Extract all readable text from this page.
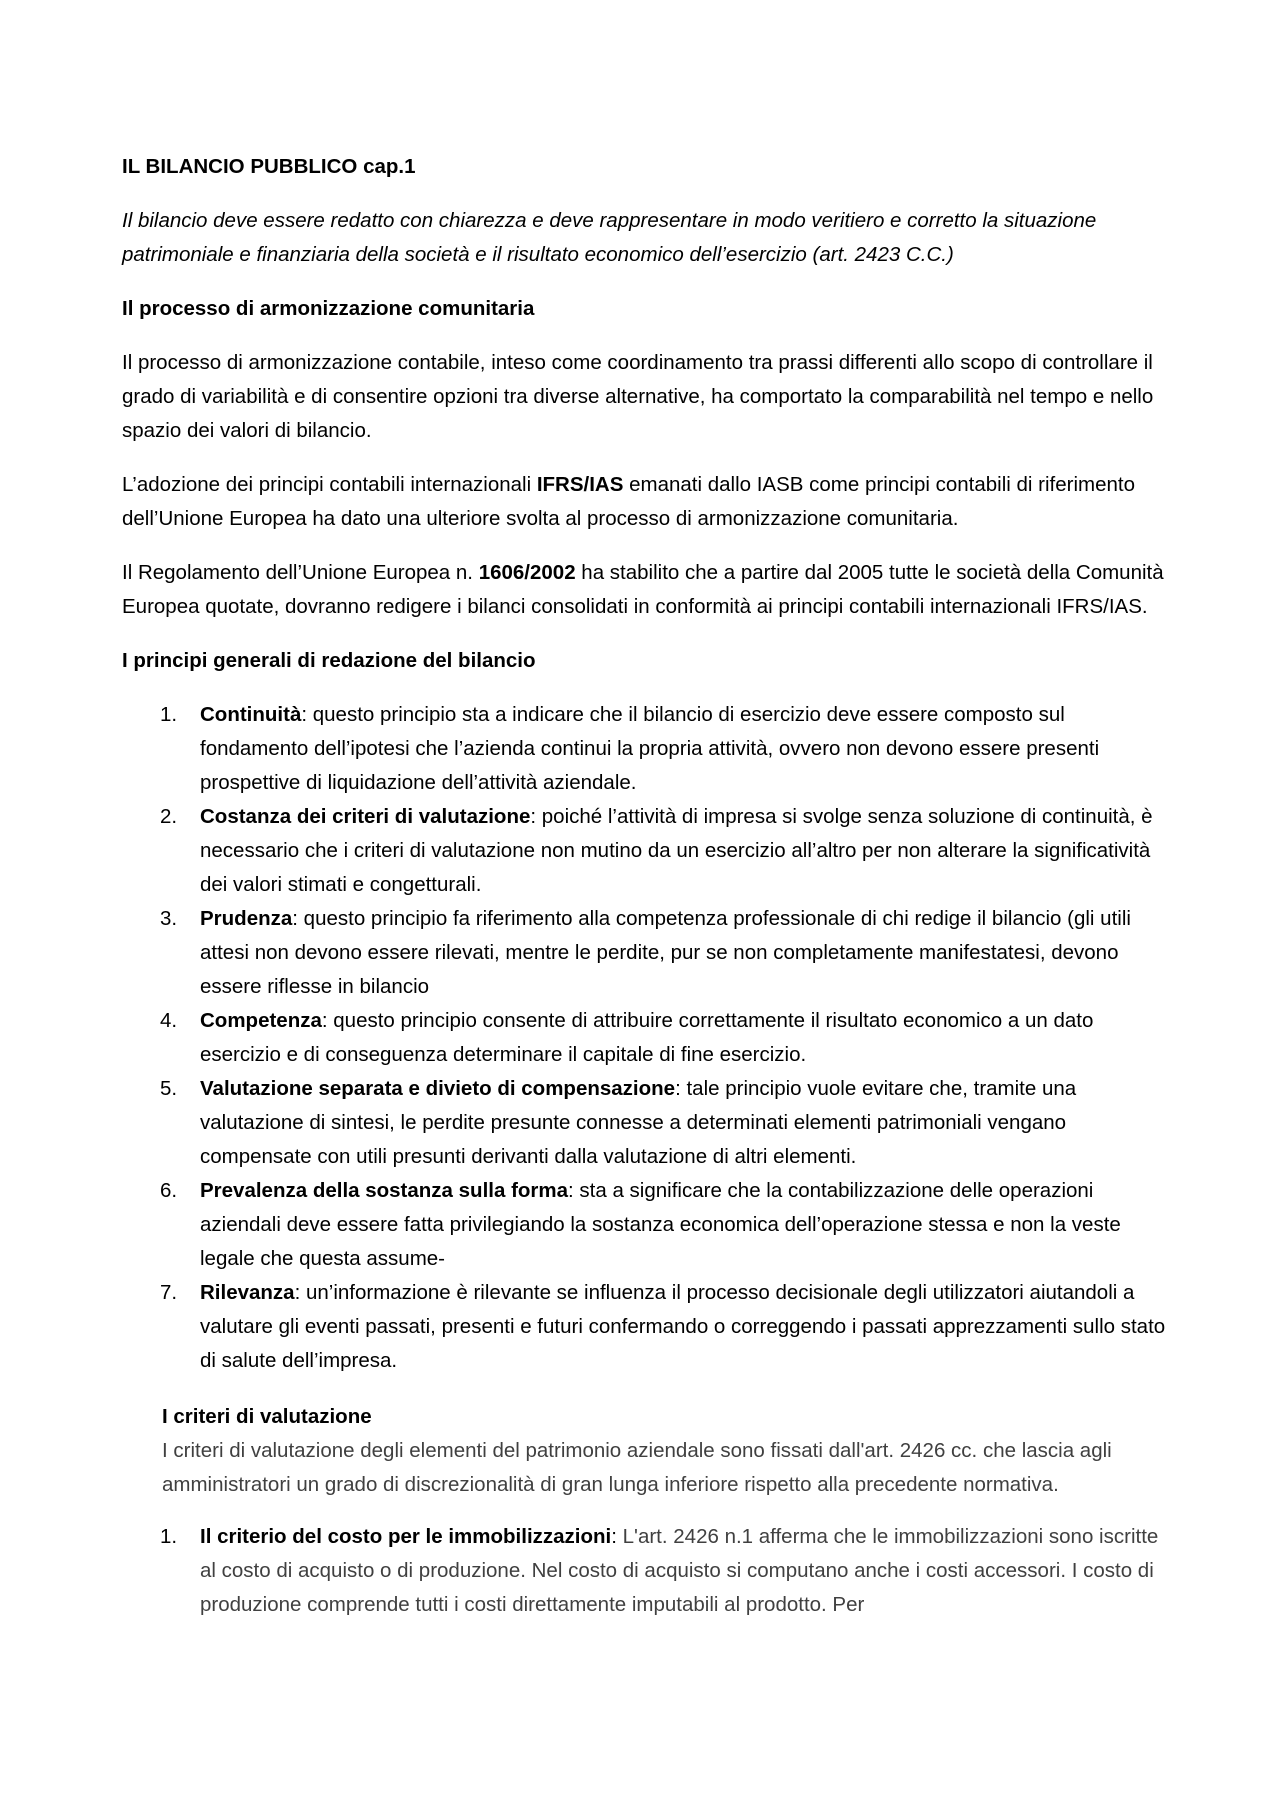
IL BILANCIO PUBBLICO cap.1

Il bilancio deve essere redatto con chiarezza e deve rappresentare in modo veritiero e corretto la situazione patrimoniale e finanziaria della società e il risultato economico dell’esercizio (art. 2423 C.C.)

Il processo di armonizzazione comunitaria

Il processo di armonizzazione contabile, inteso come coordinamento tra prassi differenti allo scopo di controllare il grado di variabilità e di consentire opzioni tra diverse alternative, ha comportato la comparabilità nel tempo e nello spazio dei valori di bilancio.

L’adozione dei principi contabili internazionali IFRS/IAS emanati dallo IASB come principi contabili di riferimento dell’Unione Europea ha dato una ulteriore svolta al processo di armonizzazione comunitaria.

Il Regolamento dell’Unione Europea n. 1606/2002 ha stabilito che a partire dal 2005 tutte le società della Comunità Europea quotate, dovranno redigere i bilanci consolidati in conformità ai principi contabili internazionali IFRS/IAS.

I principi generali di redazione del bilancio

1. Continuità: questo principio sta a indicare che il bilancio di esercizio deve essere composto sul fondamento dell’ipotesi che l’azienda continui la propria attività, ovvero non devono essere presenti prospettive di liquidazione dell’attività aziendale.
2. Costanza dei criteri di valutazione: poiché l’attività di impresa si svolge senza soluzione di continuità, è necessario che i criteri di valutazione non mutino da un esercizio all’altro per non alterare la significatività dei valori stimati e congetturali.
3. Prudenza: questo principio fa riferimento alla competenza professionale di chi redige il bilancio (gli utili attesi non devono essere rilevati, mentre le perdite, pur se non completamente manifestatesi, devono essere riflesse in bilancio
4. Competenza: questo principio consente di attribuire correttamente il risultato economico a un dato esercizio e di conseguenza determinare il capitale di fine esercizio.
5. Valutazione separata e divieto di compensazione: tale principio vuole evitare che, tramite una valutazione di sintesi, le perdite presunte connesse a determinati elementi patrimoniali vengano compensate con utili presunti derivanti dalla valutazione di altri elementi.
6. Prevalenza della sostanza sulla forma: sta a significare che la contabilizzazione delle operazioni aziendali deve essere fatta privilegiando la sostanza economica dell’operazione stessa e non la veste legale che questa assume-
7. Rilevanza: un’informazione è rilevante se influenza il processo decisionale degli utilizzatori aiutandoli a valutare gli eventi passati, presenti e futuri confermando o correggendo i passati apprezzamenti sullo stato di salute dell’impresa.

I criteri di valutazione

I criteri di valutazione degli elementi del patrimonio aziendale sono fissati dall'art. 2426 cc. che lascia agli amministratori un grado di discrezionalità di gran lunga inferiore rispetto alla precedente normativa.

1. Il criterio del costo per le immobilizzazioni: L'art. 2426 n.1 afferma che le immobilizzazioni sono iscritte al costo di acquisto o di produzione. Nel costo di acquisto si computano anche i costi accessori. I costo di produzione comprende tutti i costi direttamente imputabili al prodotto. Per
